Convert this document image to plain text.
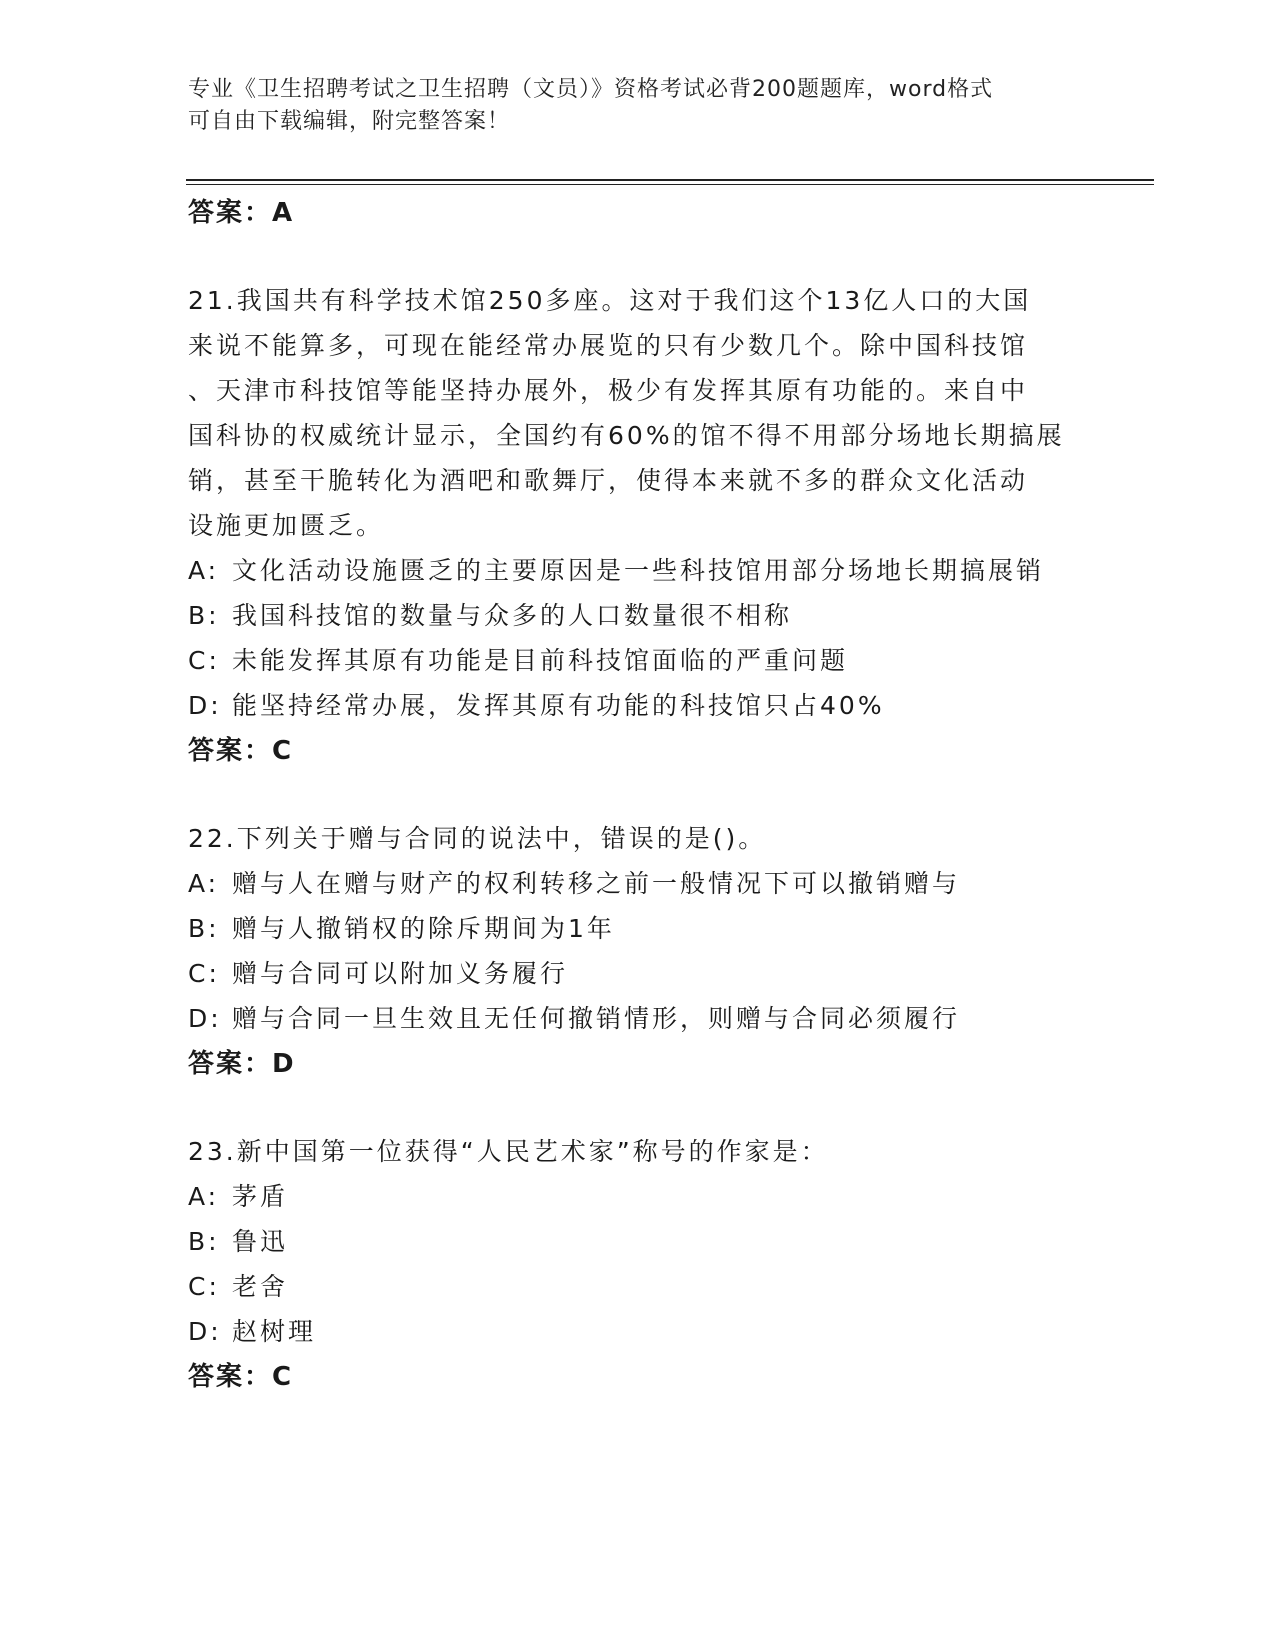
专业《卫生招聘考试之卫生招聘（文员）》资格考试必背200题题库，word格式
可自由下载编辑，附完整答案！
答案：A
21.我国共有科学技术馆250多座。这对于我们这个13亿人口的大国
来说不能算多，可现在能经常办展览的只有少数几个。除中国科技馆
、天津市科技馆等能坚持办展外，极少有发挥其原有功能的。来自中
国科协的权威统计显示，全国约有60%的馆不得不用部分场地长期搞展
销，甚至干脆转化为酒吧和歌舞厅，使得本来就不多的群众文化活动
设施更加匮乏。
A: 文化活动设施匮乏的主要原因是一些科技馆用部分场地长期搞展销
B: 我国科技馆的数量与众多的人口数量很不相称
C: 未能发挥其原有功能是目前科技馆面临的严重问题
D: 能坚持经常办展，发挥其原有功能的科技馆只占40%
答案：C
22.下列关于赠与合同的说法中，错误的是()。
A: 赠与人在赠与财产的权利转移之前一般情况下可以撤销赠与
B: 赠与人撤销权的除斥期间为1年
C: 赠与合同可以附加义务履行
D: 赠与合同一旦生效且无任何撤销情形，则赠与合同必须履行
答案：D
23.新中国第一位获得“人民艺术家”称号的作家是：
A: 茅盾
B: 鲁迅
C: 老舍
D: 赵树理
答案：C
